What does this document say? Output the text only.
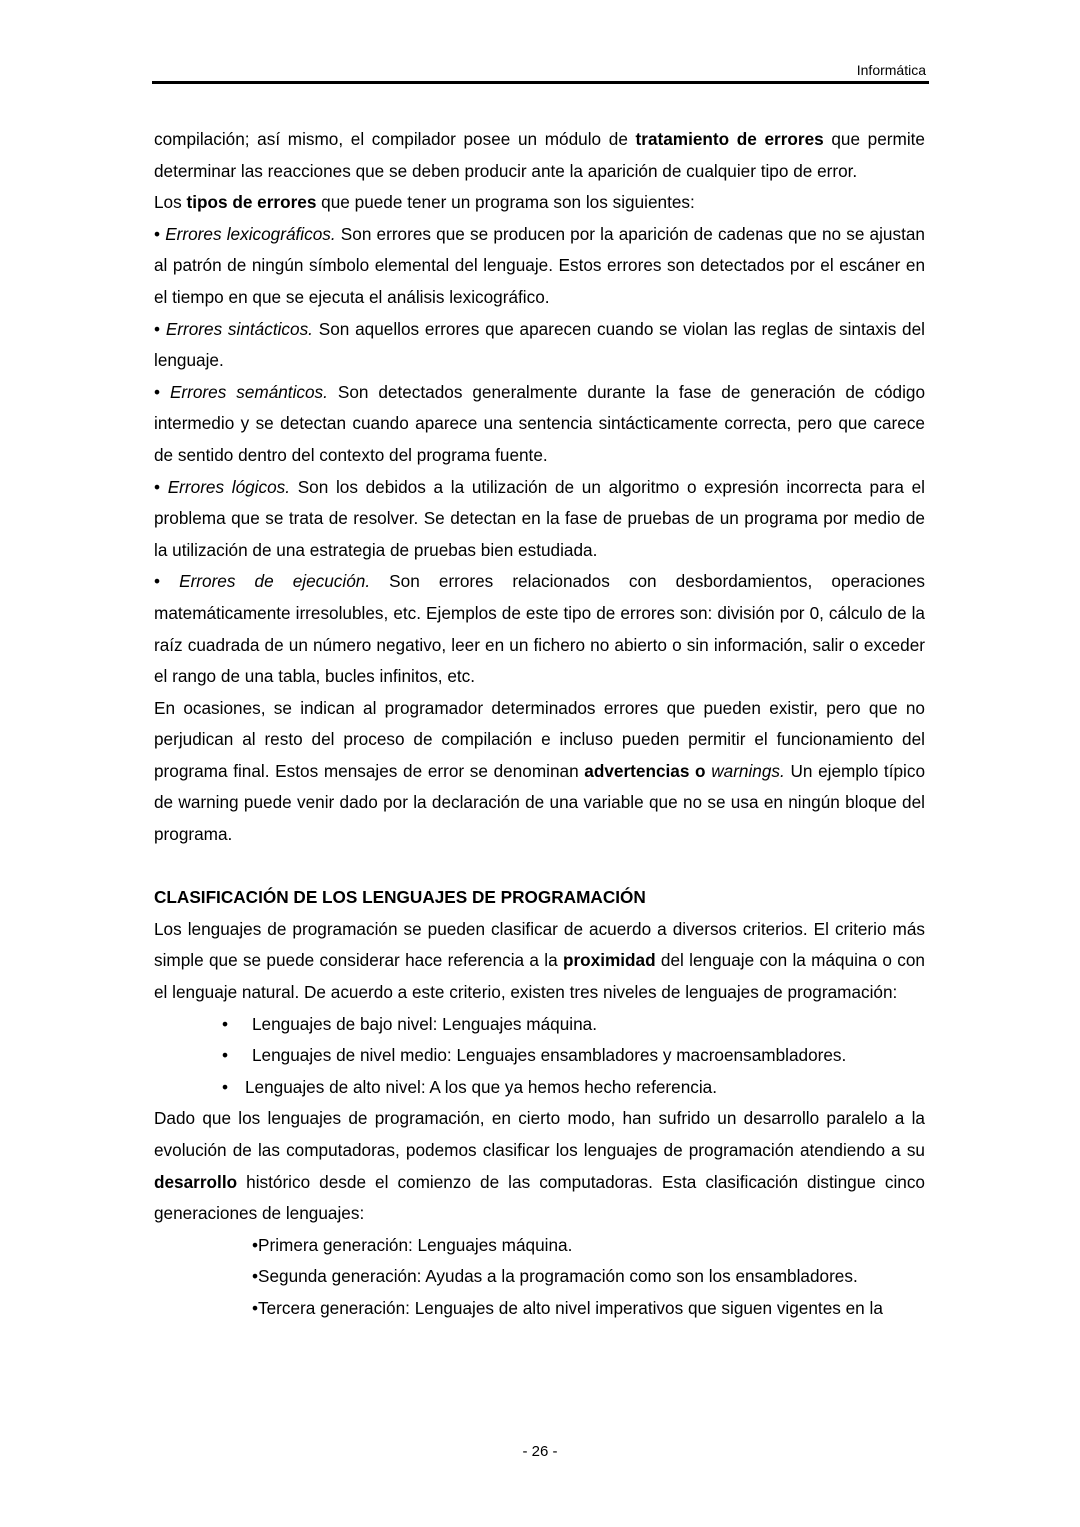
Informática

compilación; así mismo, el compilador posee un módulo de tratamiento de errores que permite determinar las reacciones que se deben producir ante la aparición de cualquier tipo de error.

Los tipos de errores que puede tener un programa son los siguientes:

• Errores lexicográficos. Son errores que se producen por la aparición de cadenas que no se ajustan al patrón de ningún símbolo elemental del lenguaje. Estos errores son detectados por el escáner en el tiempo en que se ejecuta el análisis lexicográfico.

• Errores sintácticos. Son aquellos errores que aparecen cuando se violan las reglas de sintaxis del lenguaje.

• Errores semánticos. Son detectados generalmente durante la fase de generación de código intermedio y se detectan cuando aparece una sentencia sintácticamente correcta, pero que carece de sentido dentro del contexto del programa fuente.

• Errores lógicos. Son los debidos a la utilización de un algoritmo o expresión incorrecta para el problema que se trata de resolver. Se detectan en la fase de pruebas de un programa por medio de la utilización de una estrategia de pruebas bien estudiada.

• Errores de ejecución. Son errores relacionados con desbordamientos, operaciones matemáticamente irresolubles, etc. Ejemplos de este tipo de errores son: división por 0, cálculo de la raíz cuadrada de un número negativo, leer en un fichero no abierto o sin información, salir o exceder el rango de una tabla, bucles infinitos, etc.

En ocasiones, se indican al programador determinados errores que pueden existir, pero que no perjudican al resto del proceso de compilación e incluso pueden permitir el funcionamiento del programa final. Estos mensajes de error se denominan advertencias o warnings. Un ejemplo típico de warning puede venir dado por la declaración de una variable que no se usa en ningún bloque del programa.

CLASIFICACIÓN DE LOS LENGUAJES DE PROGRAMACIÓN

Los lenguajes de programación se pueden clasificar de acuerdo a diversos criterios. El criterio más simple que se puede considerar hace referencia a la proximidad del lenguaje con la máquina o con el lenguaje natural. De acuerdo a este criterio, existen tres niveles de lenguajes de programación:

• Lenguajes de bajo nivel: Lenguajes máquina.
• Lenguajes de nivel medio: Lenguajes ensambladores y macroensambladores.
• Lenguajes de alto nivel: A los que ya hemos hecho referencia.

Dado que los lenguajes de programación, en cierto modo, han sufrido un desarrollo paralelo a la evolución de las computadoras, podemos clasificar los lenguajes de programación atendiendo a su desarrollo histórico desde el comienzo de las computadoras. Esta clasificación distingue cinco generaciones de lenguajes:

•Primera generación: Lenguajes máquina.
•Segunda generación: Ayudas a la programación como son los ensambladores.
•Tercera generación: Lenguajes de alto nivel imperativos que siguen vigentes en la
- 26 -
